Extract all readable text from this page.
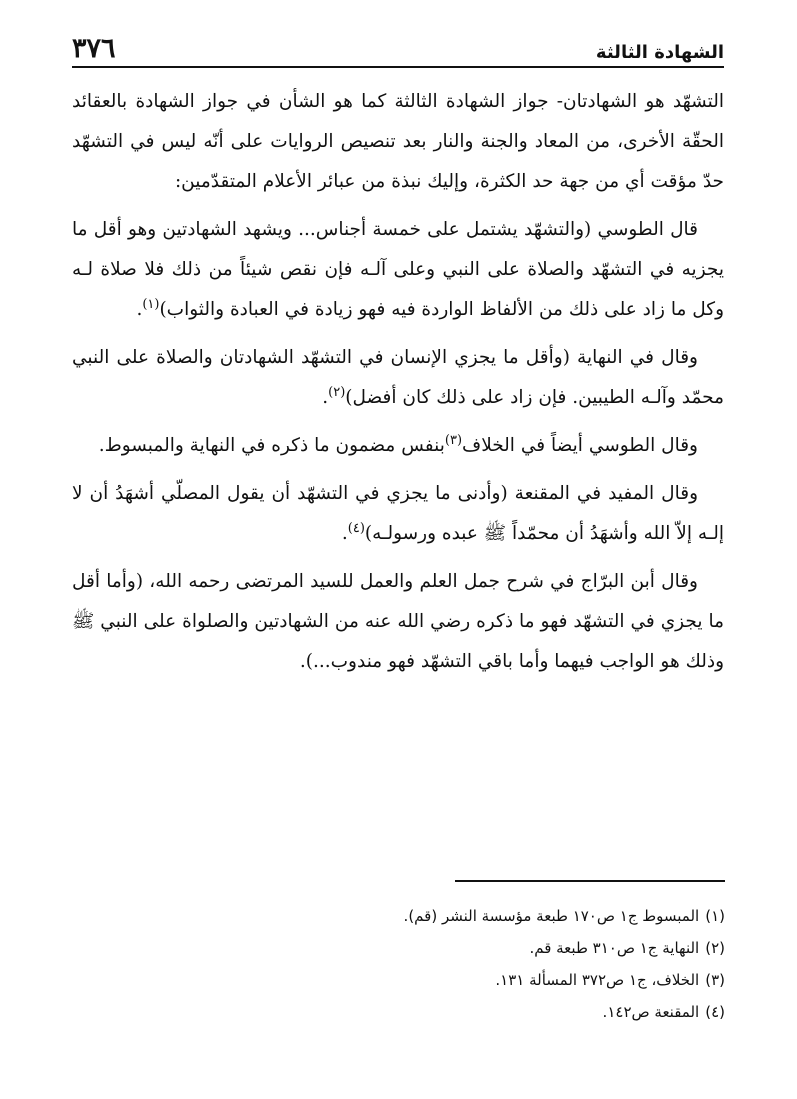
الشهادة الثالثة
٣٧٦

التشهّد هو الشهادتان- جواز الشهادة الثالثة كما هو الشأن في جواز الشهادة بالعقائد الحقّة الأخرى، من المعاد والجنة والنار بعد تنصيص الروايات على أنّه ليس في التشهّد حدّ مؤقت أي من جهة حد الكثرة، وإليك نبذة من عبائر الأعلام المتقدّمين:

قال الطوسي (والتشهّد يشتمل على خمسة أجناس... ويشهد الشهادتين وهو أقل ما يجزيه في التشهّد والصلاة على النبي وعلى آلـه فإن نقص شيئاً من ذلك فلا صلاة لـه وكل ما زاد على ذلك من الألفاظ الواردة فيه فهو زيادة في العبادة والثواب)$^{(١)}$.

وقال في النهاية (وأقل ما يجزي الإنسان في التشهّد الشهادتان والصلاة على النبي محمّد وآلـه الطيبين. فإن زاد على ذلك كان أفضل)$^{(٢)}$.

وقال الطوسي أيضاً في الخلاف$^{(٣)}$بنفس مضمون ما ذكره في النهاية والمبسوط.

وقال المفيد في المقنعة (وأدنى ما يجزي في التشهّد أن يقول المصلّي أشهَدُ أن لا إلـه إلاّ الله وأشهَدُ أن محمّداً ﷺ عبده ورسولـه)$^{(٤)}$.

وقال أبن البرّاج في شرح جمل العلم والعمل للسيد المرتضى رحمه الله، (وأما أقل ما يجزي في التشهّد فهو ما ذكره رضي الله عنه من الشهادتين والصلواة على النبي ﷺ وذلك هو الواجب فيهما وأما باقي التشهّد فهو مندوب...).

(١)
المبسوط ج١ ص١٧٠ طبعة مؤسسة النشر (قم).
(٢)
النهاية ج١ ص٣١٠ طبعة قم.
(٣)
الخلاف، ج١ ص٣٧٢ المسألة ١٣١.
(٤)
المقنعة ص١٤٢.
